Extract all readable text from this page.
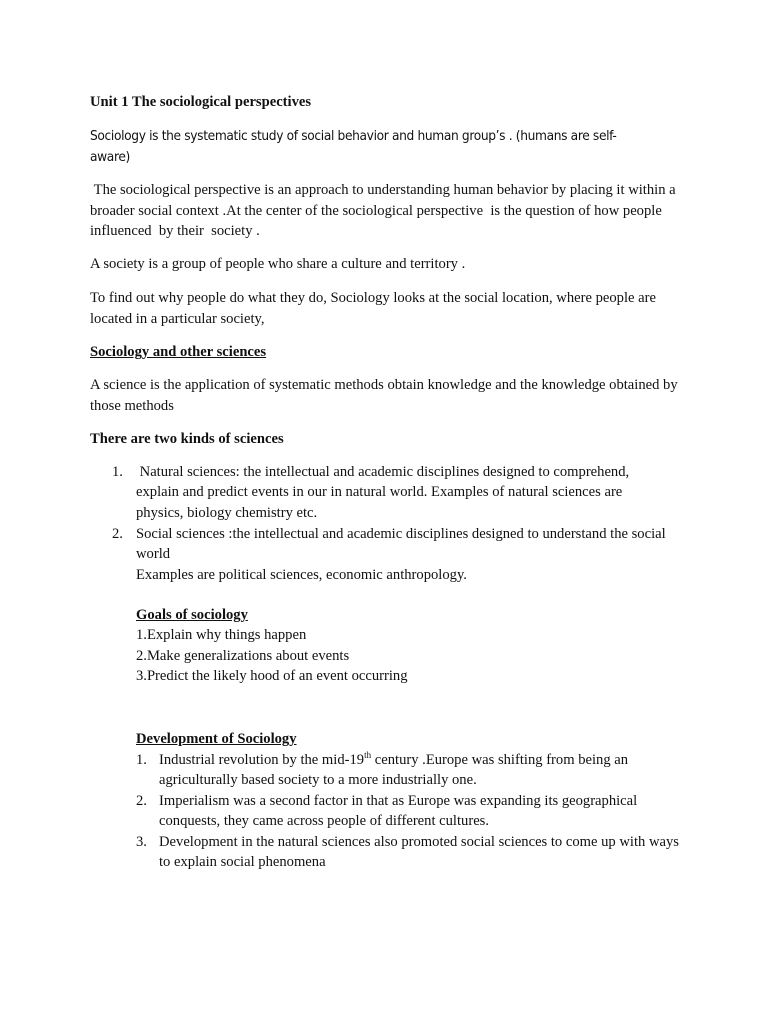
Unit 1 The sociological perspectives

Sociology is the systematic study of social behavior and human group’s . (humans are self-
aware)

The sociological perspective is an approach to understanding human behavior by placing it within a broader social context .At the center of the sociological perspective  is the question of how people  influenced  by their  society .

A society is a group of people who share a culture and territory .

To find out why people do what they do, Sociology looks at the social location, where people are located in a particular society,

Sociology and other sciences

A science is the application of systematic methods obtain knowledge and the knowledge obtained by those methods

There are two kinds of sciences

1. Natural sciences: the intellectual and academic disciplines designed to comprehend, explain and predict events in our in natural world. Examples of natural sciences are physics, biology chemistry etc.
2. Social sciences :the intellectual and academic disciplines designed to understand the social world
Examples are political sciences, economic anthropology.
Goals of sociology
1.Explain why things happen
2.Make generalizations about events
3.Predict the likely hood of an event occurring

Development of Sociology

1. Industrial revolution by the mid-19th century .Europe was shifting from being an agriculturally based society to a more industrially one.
2. Imperialism was a second factor in that as Europe was expanding its geographical conquests, they came across people of different cultures.
3. Development in the natural sciences also promoted social sciences to come up with ways to explain social phenomena
